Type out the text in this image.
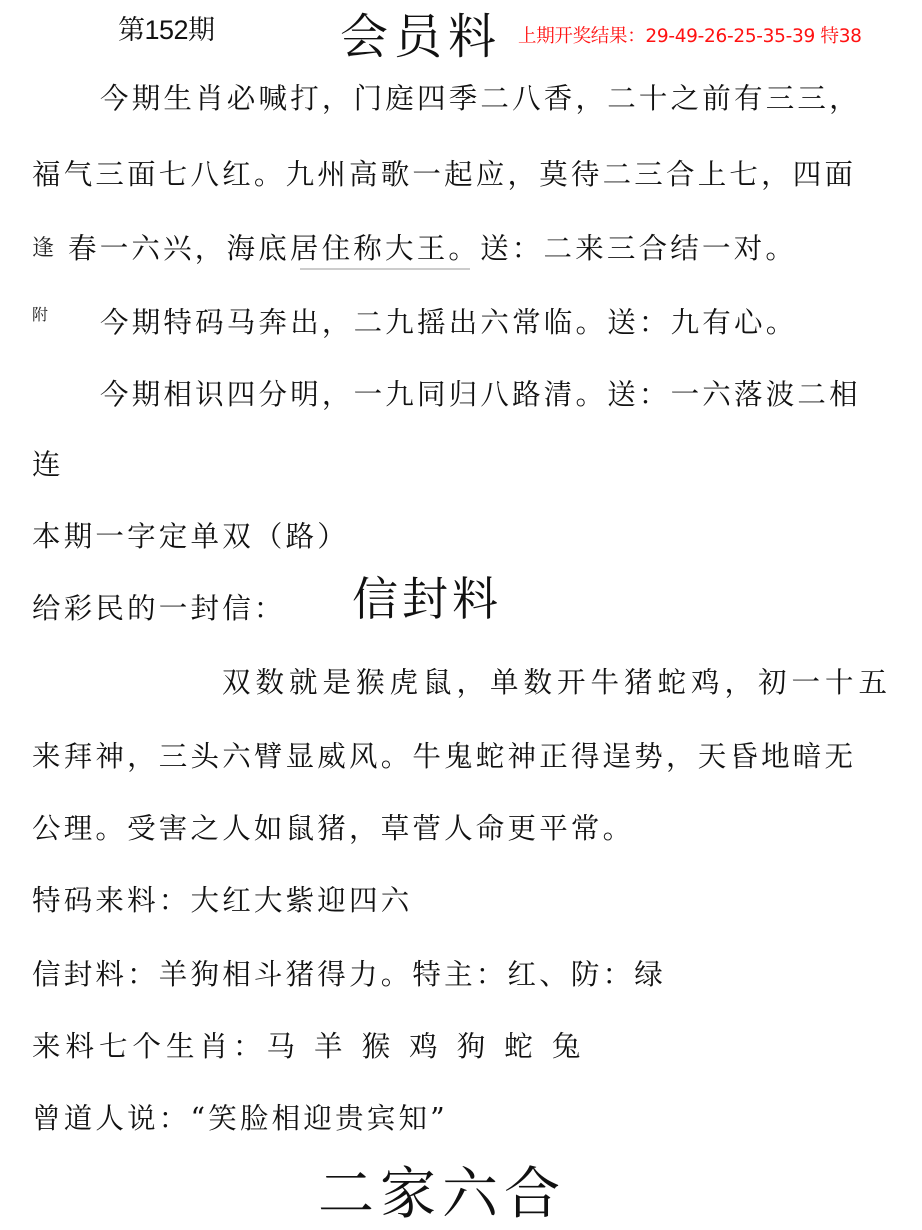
第152期	会员料 上期开奖结果：29-49-26-25-35-39 特38
今期生肖必喊打，门庭四季二八香，二十之前有三三，
福气三面七八红。九州高歌一起应，莫待二三合上七，四面
逢 春一六兴，海底居住称大王。送：二来三合结一对。
附 今期特码马奔出，二九摇出六常临。送：九有心。
今期相识四分明，一九同归八路清。送：一六落波二相
连
本期一字定单双（路）
给彩民的一封信： 信封料
双数就是猴虎鼠，单数开牛猪蛇鸡，初一十五
来拜神，三头六臂显威风。牛鬼蛇神正得逞势，天昏地暗无
公理。受害之人如鼠猪，草菅人命更平常。
特码来料：大红大紫迎四六
信封料：羊狗相斗猪得力。特主：红、防：绿
来料七个生肖：马 羊 猴 鸡 狗 蛇 兔
曾道人说：“笑脸相迎贵宾知”
二家六合
